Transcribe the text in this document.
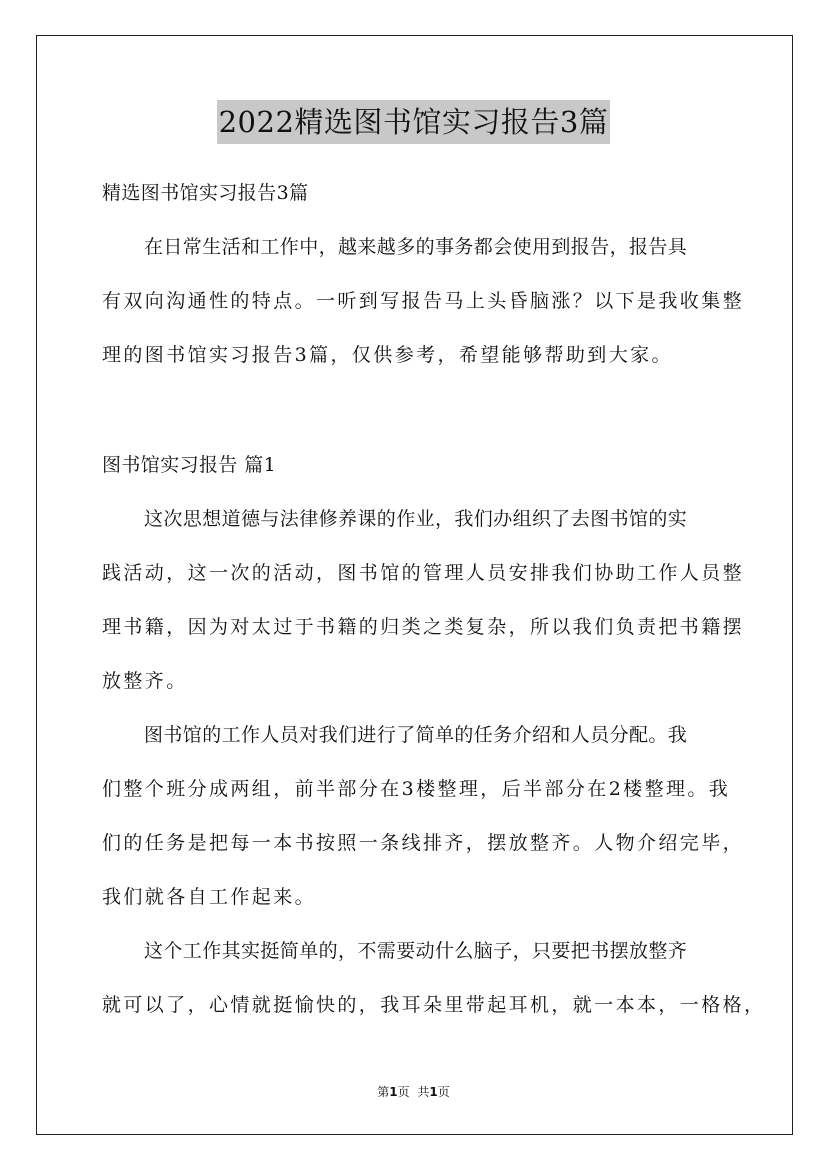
2022精选图书馆实习报告3篇
精选图书馆实习报告3篇
在日常生活和工作中，越来越多的事务都会使用到报告，报告具
有双向沟通性的特点。一听到写报告马上头昏脑涨？以下是我收集整
理的图书馆实习报告3篇，仅供参考，希望能够帮助到大家。
图书馆实习报告 篇1
这次思想道德与法律修养课的作业，我们办组织了去图书馆的实
践活动，这一次的活动，图书馆的管理人员安排我们协助工作人员整
理书籍，因为对太过于书籍的归类之类复杂，所以我们负责把书籍摆
放整齐。
图书馆的工作人员对我们进行了简单的任务介绍和人员分配。我
们整个班分成两组，前半部分在3楼整理，后半部分在2楼整理。我
们的任务是把每一本书按照一条线排齐，摆放整齐。人物介绍完毕，
我们就各自工作起来。
这个工作其实挺简单的，不需要动什么脑子，只要把书摆放整齐
就可以了，心情就挺愉快的，我耳朵里带起耳机，就一本本，一格格，
第1页 共1页
